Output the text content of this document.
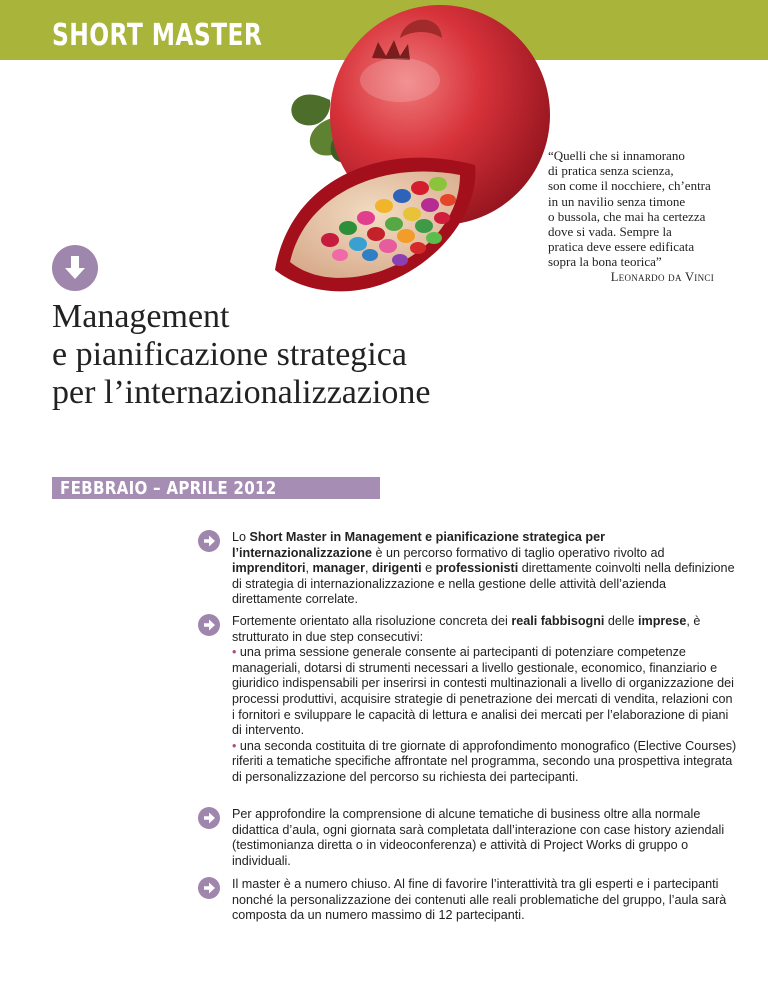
SHORT MASTER

“Quelli che si innamorano

di pratica senza scienza,

son come il nocchiere, ch’entra

in un navilio senza timone

o bussola, che mai ha certezza

dove si vada. Sempre la

pratica deve essere edificata

sopra la bona teorica”

Leonardo da Vinci

Management
e pianificazione strategica
per l’internazionalizzazione
FEBBRAIO – APRILE 2012

Lo Short Master in Management e pianificazione strategica per l’internazionalizzazione è un percorso formativo di taglio operativo rivolto ad imprenditori, manager, dirigenti e professionisti direttamente coinvolti nella definizione di strategia di internazionalizzazione e nella gestione delle attività dell’azienda direttamente correlate.

Fortemente orientato alla risoluzione concreta dei reali fabbisogni delle imprese, è strutturato in due step consecutivi:

• una prima sessione generale consente ai partecipanti di potenziare competenze manageriali, dotarsi di strumenti necessari a livello gestionale, economico, finanziario e giuridico indispensabili per inserirsi in contesti multinazionali a livello di organizzazione dei processi produttivi, acquisire strategie di penetrazione dei mercati di vendita, relazioni con i fornitori e sviluppare le capacità di lettura e analisi dei mercati per l’elaborazione di piani di intervento.

• una seconda costituita di tre giornate di approfondimento monografico (Elective Courses) riferiti a tematiche specifiche affrontate nel programma, secondo una prospettiva integrata di personalizzazione del percorso su richiesta dei partecipanti.

Per approfondire la comprensione di alcune tematiche di business oltre alla normale didattica d’aula, ogni giornata sarà completata dall’interazione con case history aziendali (testimonianza diretta o in videoconferenza) e attività di Project Works di gruppo o individuali.

Il master è a numero chiuso. Al fine di favorire l’interattività tra gli esperti e i partecipanti nonché la personalizzazione dei contenuti alle reali problematiche del gruppo, l’aula sarà composta da un numero massimo di 12 partecipanti.
